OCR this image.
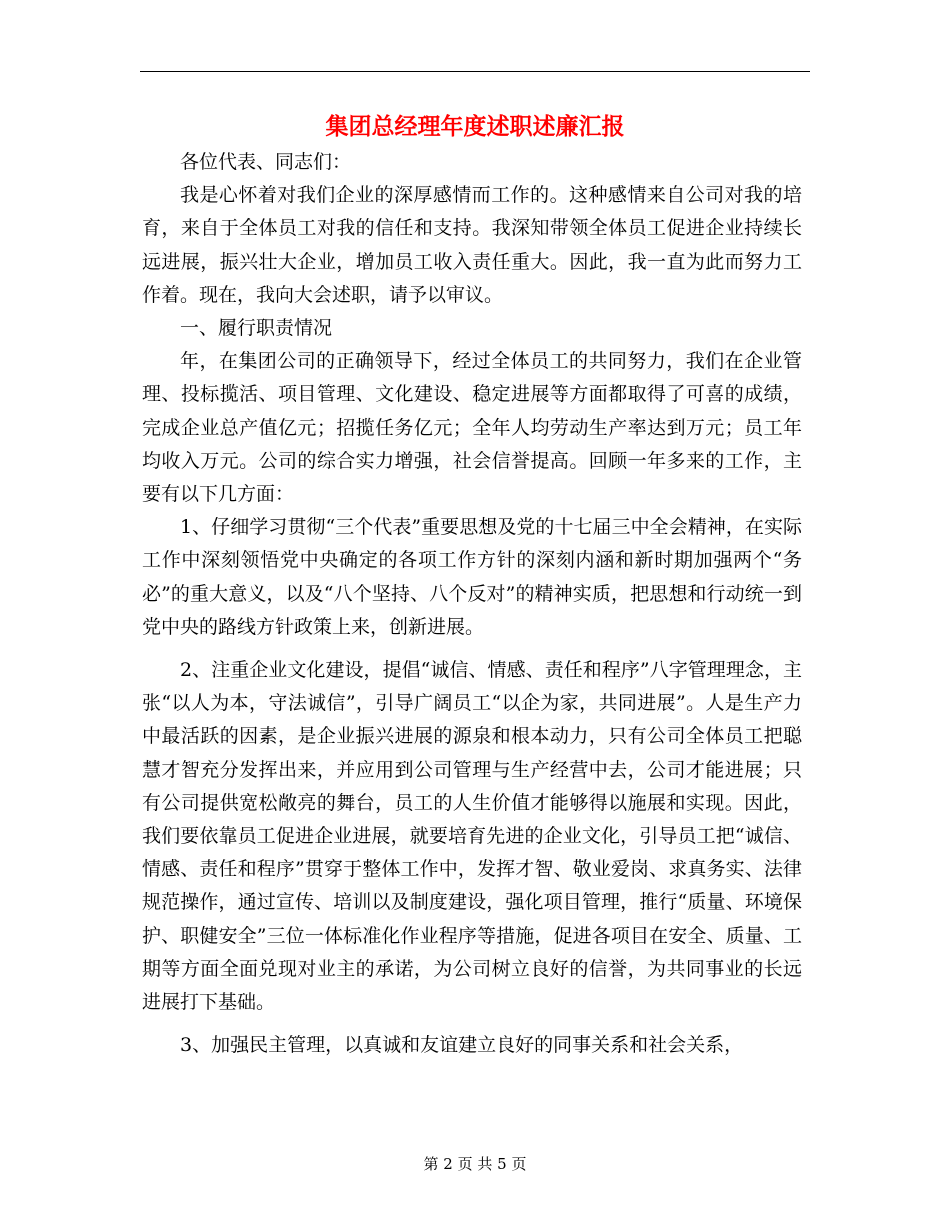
集团总经理年度述职述廉汇报

各位代表、同志们：

我是心怀着对我们企业的深厚感情而工作的。这种感情来自公司对我的培育，来自于全体员工对我的信任和支持。我深知带领全体员工促进企业持续长远进展，振兴壮大企业，增加员工收入责任重大。因此，我一直为此而努力工作着。现在，我向大会述职，请予以审议。

一、履行职责情况

年，在集团公司的正确领导下，经过全体员工的共同努力，我们在企业管理、投标揽活、项目管理、文化建设、稳定进展等方面都取得了可喜的成绩，完成企业总产值亿元；招揽任务亿元；全年人均劳动生产率达到万元；员工年均收入万元。公司的综合实力增强，社会信誉提高。回顾一年多来的工作，主要有以下几方面：

1、仔细学习贯彻“三个代表”重要思想及党的十七届三中全会精神，在实际工作中深刻领悟党中央确定的各项工作方针的深刻内涵和新时期加强两个“务必”的重大意义，以及“八个坚持、八个反对”的精神实质，把思想和行动统一到党中央的路线方针政策上来，创新进展。

2、注重企业文化建设，提倡“诚信、情感、责任和程序”八字管理理念，主张“以人为本，守法诚信”，引导广阔员工“以企为家，共同进展”。人是生产力中最活跃的因素，是企业振兴进展的源泉和根本动力，只有公司全体员工把聪慧才智充分发挥出来，并应用到公司管理与生产经营中去，公司才能进展；只有公司提供宽松敞亮的舞台，员工的人生价值才能够得以施展和实现。因此，我们要依靠员工促进企业进展，就要培育先进的企业文化，引导员工把“诚信、情感、责任和程序”贯穿于整体工作中，发挥才智、敬业爱岗、求真务实、法律规范操作，通过宣传、培训以及制度建设，强化项目管理，推行“质量、环境保护、职健安全”三位一体标准化作业程序等措施，促进各项目在安全、质量、工期等方面全面兑现对业主的承诺，为公司树立良好的信誉，为共同事业的长远进展打下基础。

3、加强民主管理，以真诚和友谊建立良好的同事关系和社会关系，

第 2 页 共 5 页
